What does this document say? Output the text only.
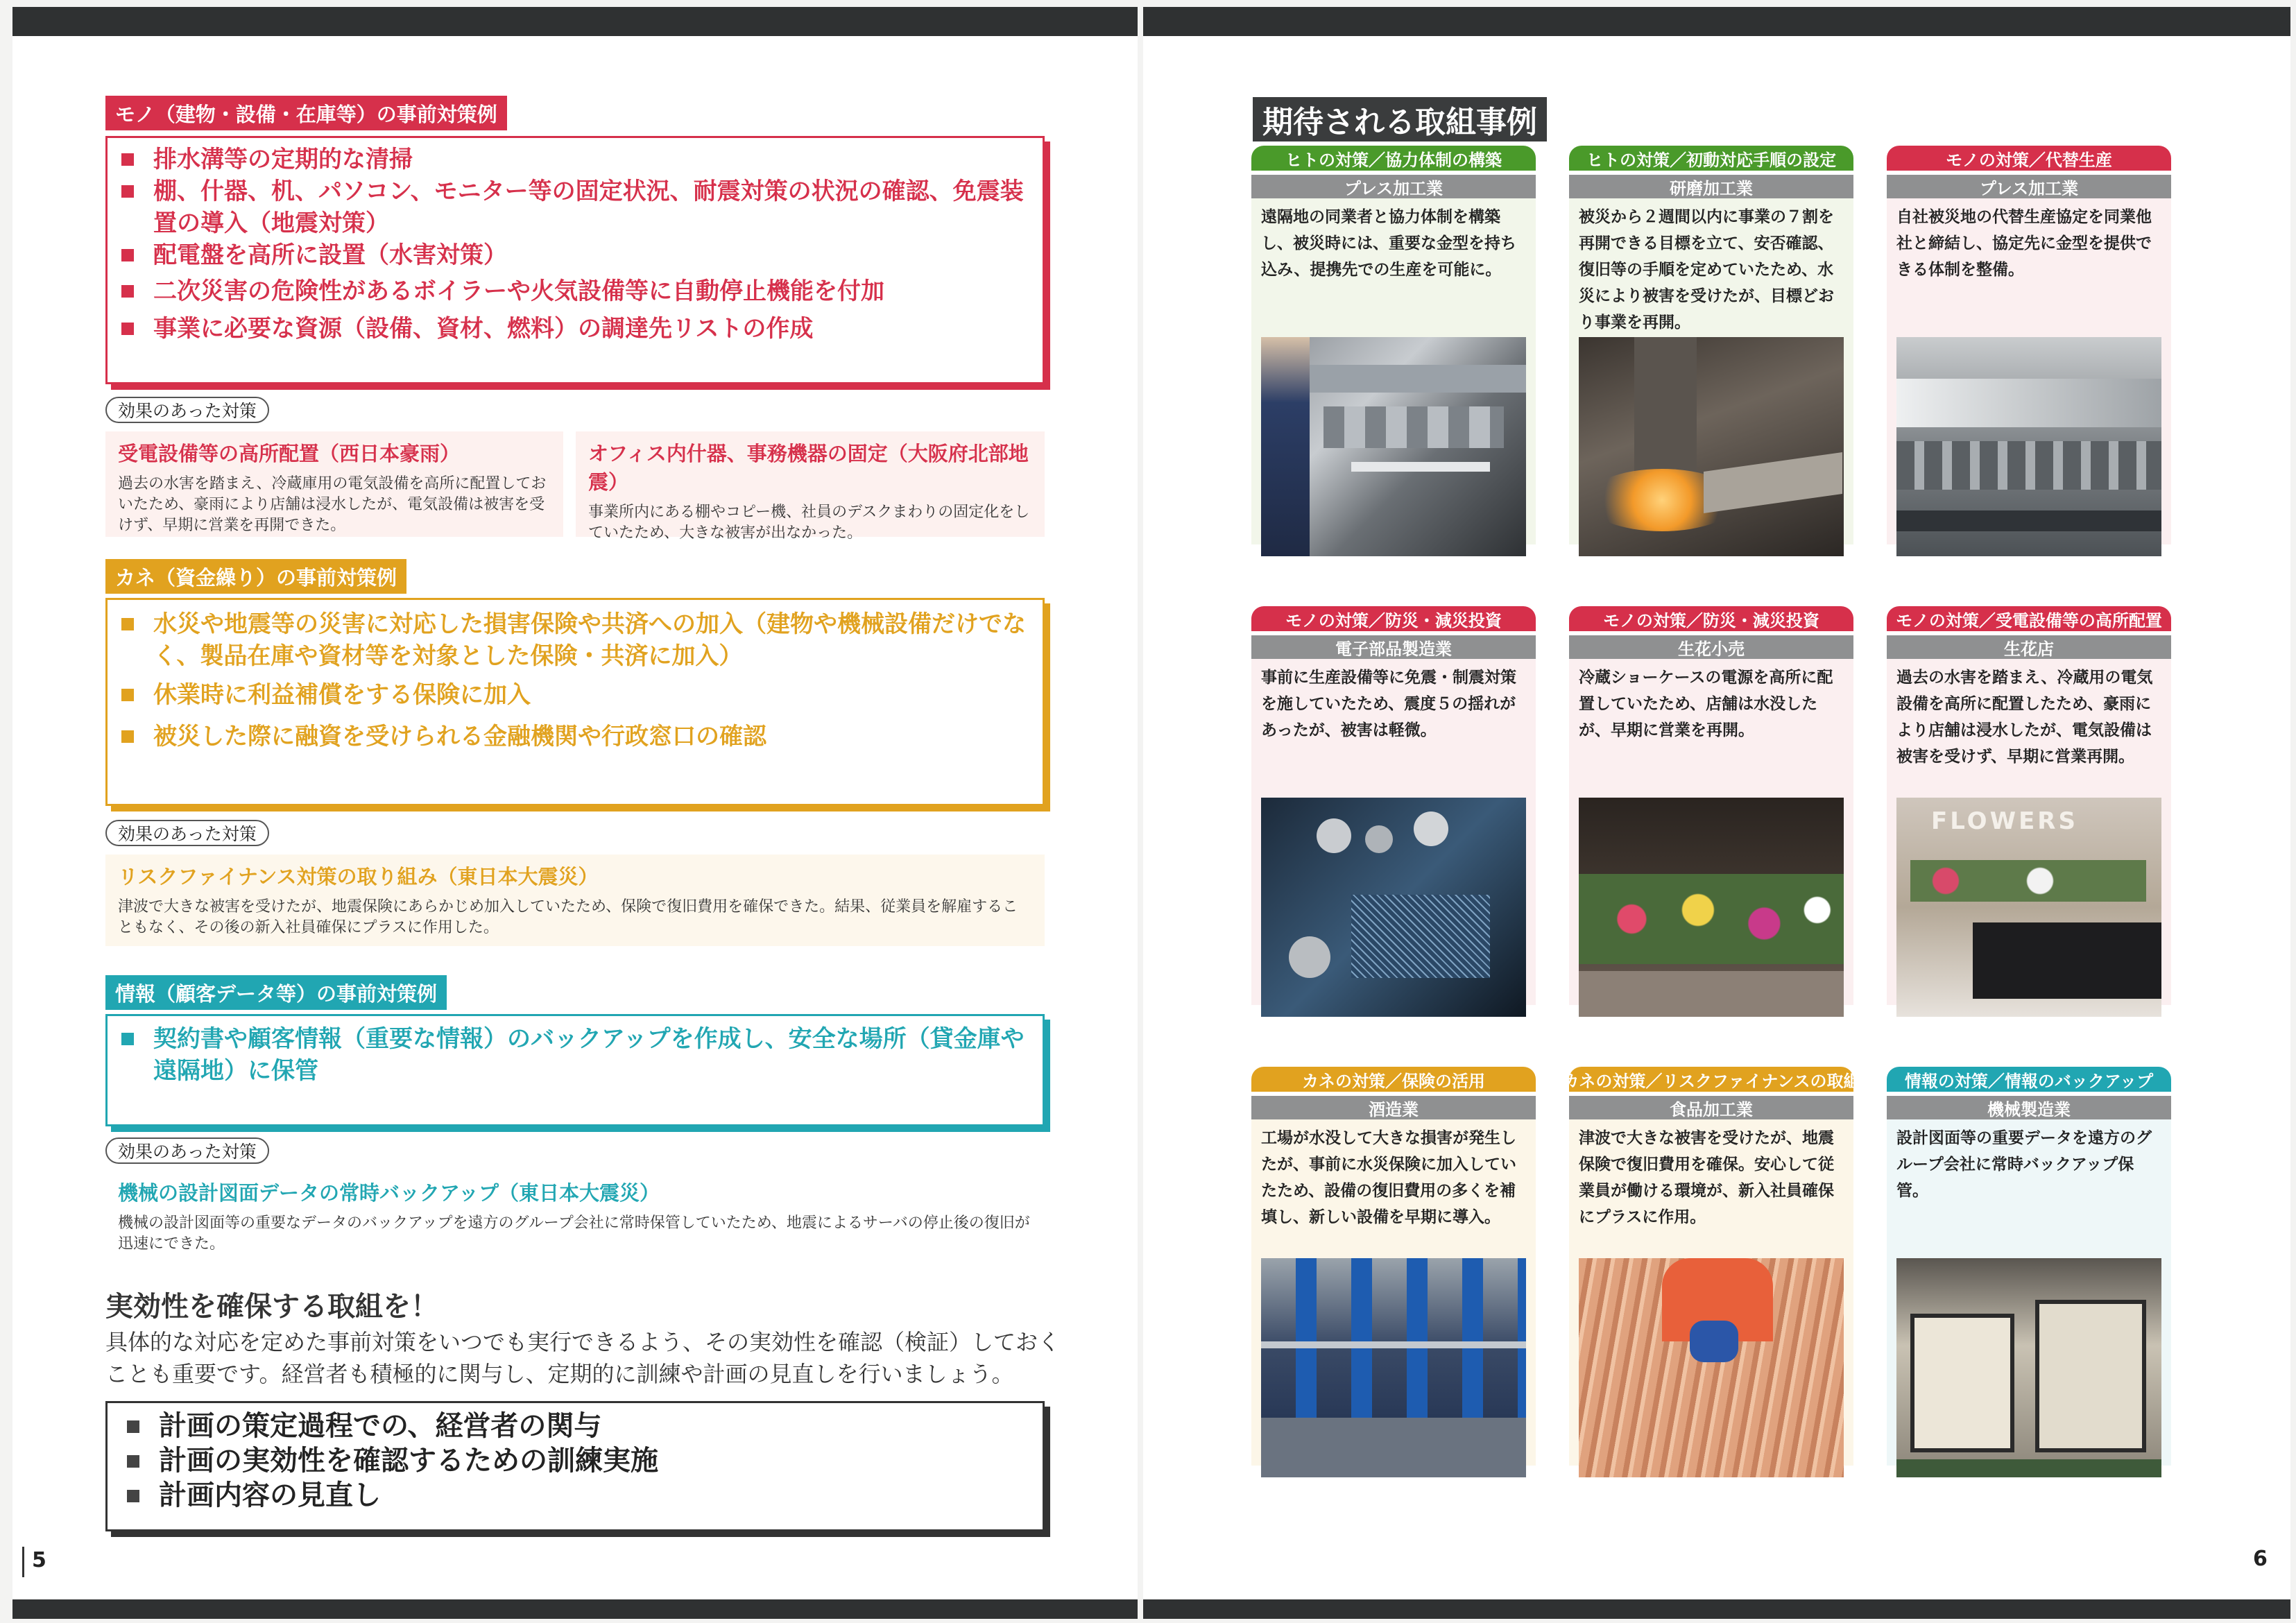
モノ（建物・設備・在庫等）の事前対策例
排水溝等の定期的な清掃
棚、什器、机、パソコン、モニター等の固定状況、耐震対策の状況の確認、免震装置の導入（地震対策）
配電盤を高所に設置（水害対策）
二次災害の危険性があるボイラーや火気設備等に自動停止機能を付加
事業に必要な資源（設備、資材、燃料）の調達先リストの作成
効果のあった対策
受電設備等の高所配置（西日本豪雨）
過去の水害を踏まえ、冷蔵庫用の電気設備を高所に配置しておいたため、豪雨により店舗は浸水したが、電気設備は被害を受けず、早期に営業を再開できた。
オフィス内什器、事務機器の固定（大阪府北部地震）
事業所内にある棚やコピー機、社員のデスクまわりの固定化をしていたため、大きな被害が出なかった。
カネ（資金繰り）の事前対策例
水災や地震等の災害に対応した損害保険や共済への加入（建物や機械設備だけでなく、製品在庫や資材等を対象とした保険・共済に加入）
休業時に利益補償をする保険に加入
被災した際に融資を受けられる金融機関や行政窓口の確認
効果のあった対策
リスクファイナンス対策の取り組み（東日本大震災）
津波で大きな被害を受けたが、地震保険にあらかじめ加入していたため、保険で復旧費用を確保できた。結果、従業員を解雇することもなく、その後の新入社員確保にプラスに作用した。
情報（顧客データ等）の事前対策例
契約書や顧客情報（重要な情報）のバックアップを作成し、安全な場所（貸金庫や遠隔地）に保管
効果のあった対策
機械の設計図面データの常時バックアップ（東日本大震災）
機械の設計図面等の重要なデータのバックアップを遠方のグループ会社に常時保管していたため、地震によるサーバの停止後の復旧が迅速にできた。
実効性を確保する取組を！
具体的な対応を定めた事前対策をいつでも実行できるよう、その実効性を確認（検証）しておくことも重要です。経営者も積極的に関与し、定期的に訓練や計画の見直しを行いましょう。
計画の策定過程での、経営者の関与
計画の実効性を確認するための訓練実施
計画内容の見直し
5
期待される取組事例
ヒトの対策／協力体制の構築
プレス加工業
遠隔地の同業者と協力体制を構築し、被災時には、重要な金型を持ち込み、提携先での生産を可能に。
ヒトの対策／初動対応手順の設定
研磨加工業
被災から２週間以内に事業の７割を再開できる目標を立て、安否確認、復旧等の手順を定めていたため、水災により被害を受けたが、目標どおり事業を再開。
モノの対策／代替生産
プレス加工業
自社被災地の代替生産協定を同業他社と締結し、協定先に金型を提供できる体制を整備。
モノの対策／防災・減災投資
電子部品製造業
事前に生産設備等に免震・制震対策を施していたため、震度５の揺れがあったが、被害は軽微。
モノの対策／防災・減災投資
生花小売
冷蔵ショーケースの電源を高所に配置していたため、店舗は水没したが、早期に営業を再開。
モノの対策／受電設備等の高所配置
生花店
過去の水害を踏まえ、冷蔵用の電気設備を高所に配置したため、豪雨により店舗は浸水したが、電気設備は被害を受けず、早期に営業再開。
FLOWERS
カネの対策／保険の活用
酒造業
工場が水没して大きな損害が発生したが、事前に水災保険に加入していたため、設備の復旧費用の多くを補填し、新しい設備を早期に導入。
カネの対策／リスクファイナンスの取組
食品加工業
津波で大きな被害を受けたが、地震保険で復旧費用を確保。安心して従業員が働ける環境が、新入社員確保にプラスに作用。
情報の対策／情報のバックアップ
機械製造業
設計図面等の重要データを遠方のグループ会社に常時バックアップ保管。
6
